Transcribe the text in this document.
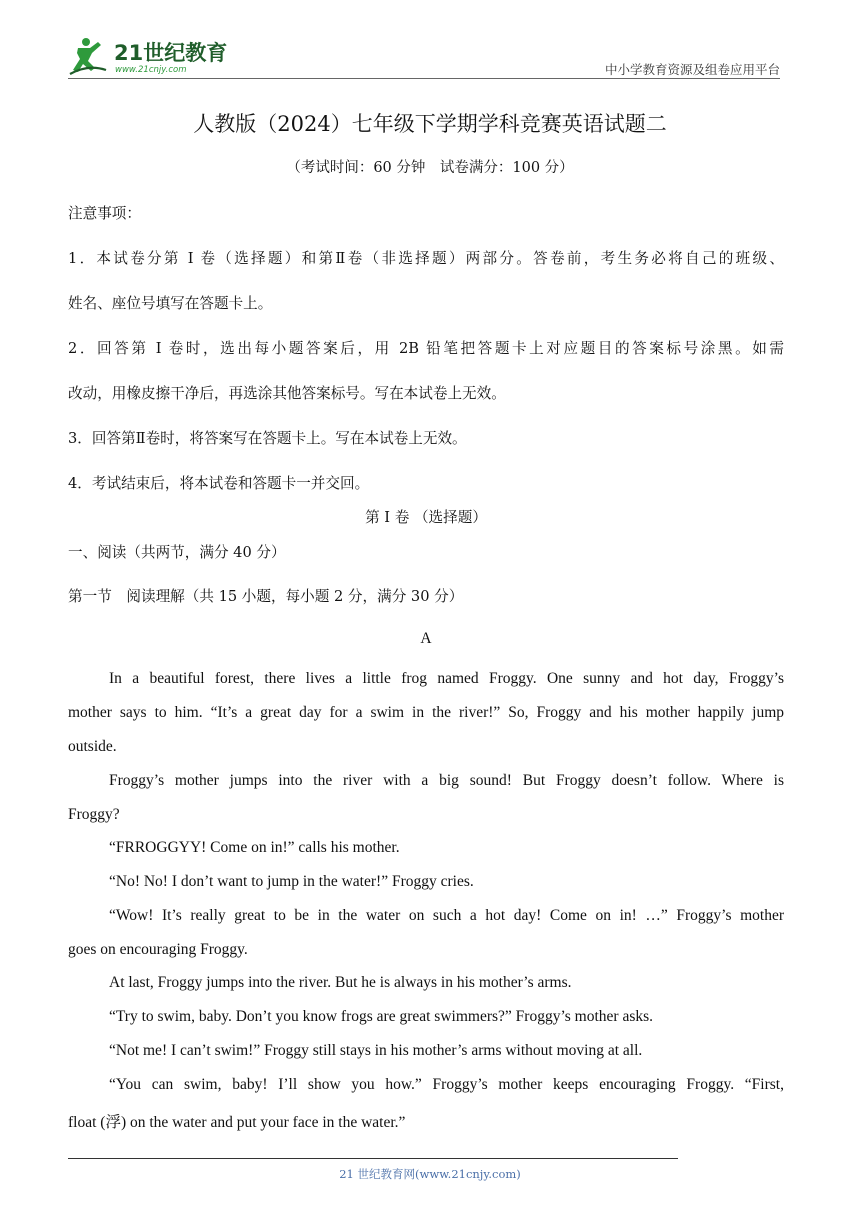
21世纪教育
www.21cnjy.com	中小学教育资源及组卷应用平台
人教版（2024）七年级下学期学科竞赛英语试题二
（考试时间：60 分钟　试卷满分：100 分）
注意事项：
1．本试卷分第 I 卷（选择题）和第Ⅱ卷（非选择题）两部分。答卷前，考生务必将自己的班级、
姓名、座位号填写在答题卡上。
2．回答第 I 卷时，选出每小题答案后，用 2B 铅笔把答题卡上对应题目的答案标号涂黑。如需
改动，用橡皮擦干净后，再选涂其他答案标号。写在本试卷上无效。
3．回答第Ⅱ卷时，将答案写在答题卡上。写在本试卷上无效。
4．考试结束后，将本试卷和答题卡一并交回。
第 I 卷 （选择题）
一、阅读（共两节，满分 40 分）
第一节　阅读理解（共 15 小题，每小题 2 分，满分 30 分）
A
In a beautiful forest, there lives a little frog named Froggy. One sunny and hot day, Froggy’s
mother says to him. “It’s a great day for a swim in the river!” So, Froggy and his mother happily jump
outside.
Froggy’s mother jumps into the river with a big sound! But Froggy doesn’t follow. Where is
Froggy?
“FRROGGYY! Come on in!” calls his mother.
“No! No! I don’t want to jump in the water!” Froggy cries.
“Wow! It’s really great to be in the water on such a hot day! Come on in! …” Froggy’s mother
goes on encouraging Froggy.
At last, Froggy jumps into the river. But he is always in his mother’s arms.
“Try to swim, baby. Don’t you know frogs are great swimmers?” Froggy’s mother asks.
“Not me! I can’t swim!” Froggy still stays in his mother’s arms without moving at all.
“You can swim, baby! I’ll show you how.” Froggy’s mother keeps encouraging Froggy. “First,
float (浮) on the water and put your face in the water.”
21 世纪教育网(www.21cnjy.com)
